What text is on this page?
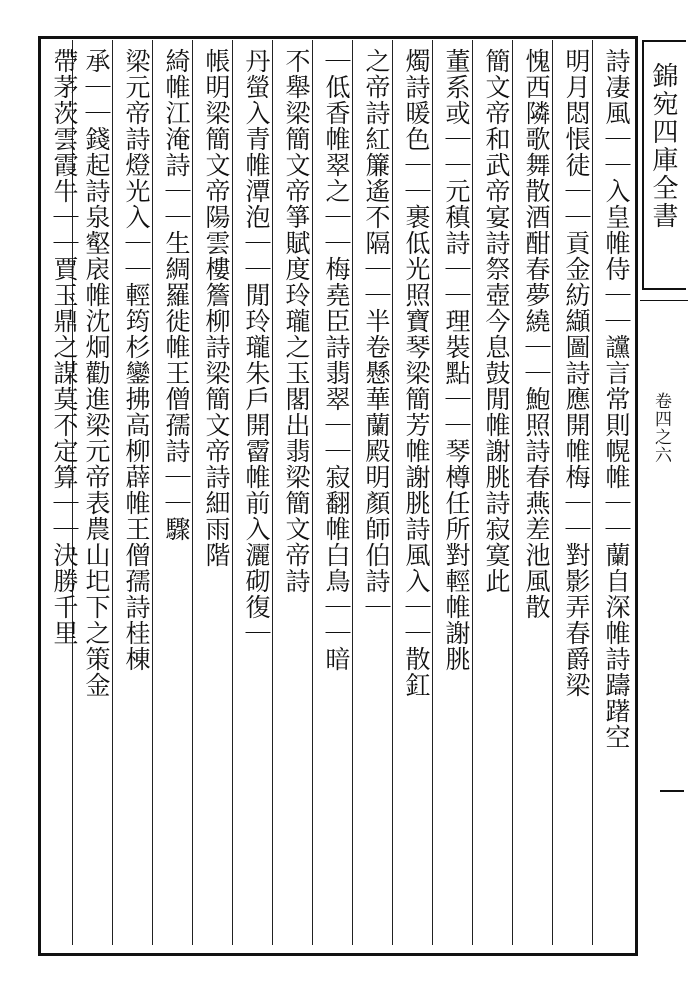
錦宛四庫全書
卷四之六
詩凄風｜｜入皇帷侍｜｜讜言常則幌帷｜｜蘭自深帷詩躊躇空
明月悶悵徒｜｜貢金紡纈圖詩應開帷梅｜｜對影弄春爵梁
愧西隣歌舞散酒酣春夢繞｜｜鮑照詩春燕差池風散
簡文帝和武帝宴詩祭壺今息鼓閒帷謝朓詩寂寞此
董系或｜｜元稹詩｜｜理裝點｜｜琴樽任所對輕帷謝朓
燭詩暖色｜｜裹低光照寶琴梁簡芳帷謝朓詩風入｜｜散釭
之帝詩紅簾遙不隔｜｜半卷懸華蘭殿明顏師伯詩｜
｜低香帷翠之｜｜梅堯臣詩翡翠｜｜寂翻帷白鳥｜｜暗
不舉梁簡文帝箏賦度玲瓏之玉閣出翡梁簡文帝詩
丹螢入青帷潭泡｜｜閒玲瓏朱戶開霤帷前入灑砌復｜
帳明梁簡文帝陽雲樓簷柳詩梁簡文帝詩細雨階
綺帷江淹詩｜｜生綢羅徙帷王僧孺詩｜｜驟
梁元帝詩燈光入｜｜輕筠杉鑾拂高柳薜帷王僧孺詩桂棟
承｜｜錢起詩泉壑扆帷沈炯勸進梁元帝表農山圯下之策金
帶茅茨雲霞牛｜｜賈玉鼎之謀莫不定算｜｜決勝千里
